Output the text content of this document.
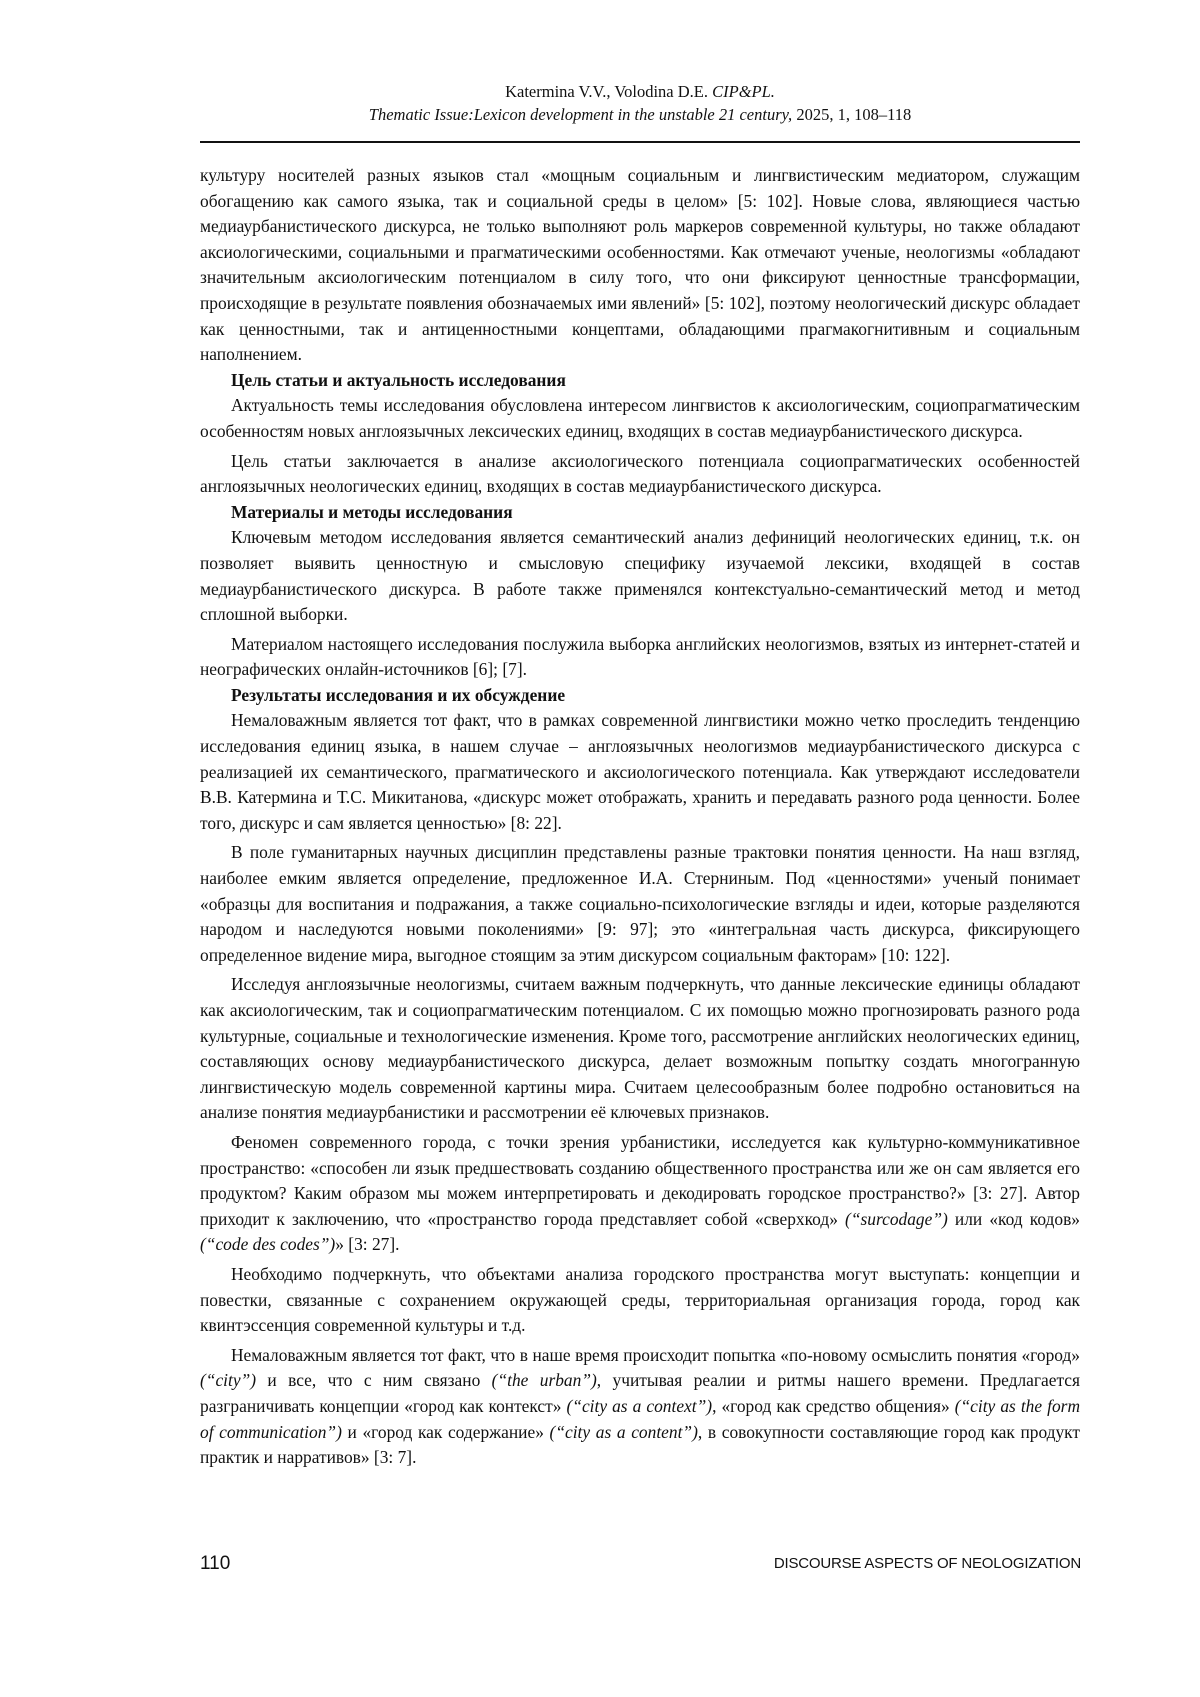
Katermina V.V., Volodina D.E. CIP&PL.
Thematic Issue:Lexicon development in the unstable 21 century, 2025, 1, 108–118

культуру носителей разных языков стал «мощным социальным и лингвистическим медиатором, служащим обогащению как самого языка, так и социальной среды в целом» [5: 102]. Новые слова, являющиеся частью медиаурбанистического дискурса, не только выполняют роль маркеров современной культуры, но также обладают аксиологическими, социальными и прагматическими особенностями. Как отмечают ученые, неологизмы «обладают значительным аксиологическим потенциалом в силу того, что они фиксируют ценностные трансформации, происходящие в результате появления обозначаемых ими явлений» [5: 102], поэтому неологический дискурс обладает как ценностными, так и антиценностными концептами, обладающими прагмакогнитивным и социальным наполнением.

Цель статьи и актуальность исследования

Актуальность темы исследования обусловлена интересом лингвистов к аксиологическим, социопрагматическим особенностям новых англоязычных лексических единиц, входящих в состав медиаурбанистического дискурса.

Цель статьи заключается в анализе аксиологического потенциала социопрагматических особенностей англоязычных неологических единиц, входящих в состав медиаурбанистического дискурса.

Материалы и методы исследования

Ключевым методом исследования является семантический анализ дефиниций неологических единиц, т.к. он позволяет выявить ценностную и смысловую специфику изучаемой лексики, входящей в состав медиаурбанистического дискурса. В работе также применялся контекстуально-семантический метод и метод сплошной выборки.

Материалом настоящего исследования послужила выборка английских неологизмов, взятых из интернет-статей и неографических онлайн-источников [6]; [7].

Результаты исследования и их обсуждение

Немаловажным является тот факт, что в рамках современной лингвистики можно четко проследить тенденцию исследования единиц языка, в нашем случае – англоязычных неологизмов медиаурбанистического дискурса с реализацией их семантического, прагматического и аксиологического потенциала. Как утверждают исследователи В.В. Катермина и Т.С. Микитанова, «дискурс может отображать, хранить и передавать разного рода ценности. Более того, дискурс и сам является ценностью» [8: 22].

В поле гуманитарных научных дисциплин представлены разные трактовки понятия ценности. На наш взгляд, наиболее емким является определение, предложенное И.А. Стерниным. Под «ценностями» ученый понимает «образцы для воспитания и подражания, а также социально-психологические взгляды и идеи, которые разделяются народом и наследуются новыми поколениями» [9: 97]; это «интегральная часть дискурса, фиксирующего определенное видение мира, выгодное стоящим за этим дискурсом социальным факторам» [10: 122].

Исследуя англоязычные неологизмы, считаем важным подчеркнуть, что данные лексические единицы обладают как аксиологическим, так и социопрагматическим потенциалом. С их помощью можно прогнозировать разного рода культурные, социальные и технологические изменения. Кроме того, рассмотрение английских неологических единиц, составляющих основу медиаурбанистического дискурса, делает возможным попытку создать многогранную лингвистическую модель современной картины мира. Считаем целесообразным более подробно остановиться на анализе понятия медиаурбанистики и рассмотрении её ключевых признаков.

Феномен современного города, с точки зрения урбанистики, исследуется как культурно-коммуникативное пространство: «способен ли язык предшествовать созданию общественного пространства или же он сам является его продуктом? Каким образом мы можем интерпретировать и декодировать городское пространство?» [3: 27]. Автор приходит к заключению, что «пространство города представляет собой «сверхкод» (“surcodage”) или «код кодов» (“code des codes”)» [3: 27].

Необходимо подчеркнуть, что объектами анализа городского пространства могут выступать: концепции и повестки, связанные с сохранением окружающей среды, территориальная организация города, город как квинтэссенция современной культуры и т.д.

Немаловажным является тот факт, что в наше время происходит попытка «по-новому осмыслить понятия «город» (“city”) и все, что с ним связано (“the urban”), учитывая реалии и ритмы нашего времени. Предлагается разграничивать концепции «город как контекст» (“city as a context”), «город как средство общения» (“city as the form of communication”) и «город как содержание» (“city as a content”), в совокупности составляющие город как продукт практик и нарративов» [3: 7].

110	DISCOURSE ASPECTS OF NEOLOGIZATION
